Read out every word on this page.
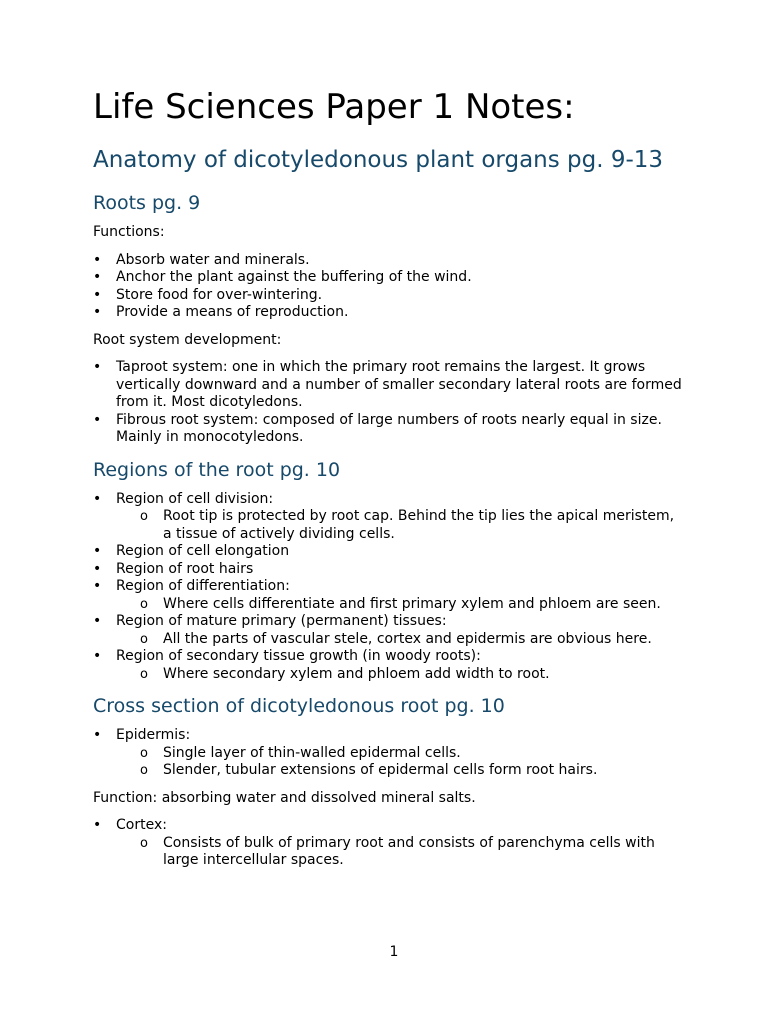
Life Sciences Paper 1 Notes:
Anatomy of dicotyledonous plant organs pg. 9-13
Roots pg. 9

Functions:

• Absorb water and minerals.
• Anchor the plant against the buffering of the wind.
• Store food for over-wintering.
• Provide a means of reproduction.

Root system development:

• Taproot system: one in which the primary root remains the largest. It grows vertically downward and a number of smaller secondary lateral roots are formed from it. Most dicotyledons.
• Fibrous root system: composed of large numbers of roots nearly equal in size. Mainly in monocotyledons.
Regions of the root pg. 10
• Region of cell division:
o Root tip is protected by root cap. Behind the tip lies the apical meristem, a tissue of actively dividing cells.
• Region of cell elongation
• Region of root hairs
• Region of differentiation:
o Where cells differentiate and first primary xylem and phloem are seen.
• Region of mature primary (permanent) tissues:
o All the parts of vascular stele, cortex and epidermis are obvious here.
• Region of secondary tissue growth (in woody roots):
o Where secondary xylem and phloem add width to root.
Cross section of dicotyledonous root pg. 10
• Epidermis:
o Single layer of thin-walled epidermal cells.
o Slender, tubular extensions of epidermal cells form root hairs.

Function: absorbing water and dissolved mineral salts.

• Cortex:
o Consists of bulk of primary root and consists of parenchyma cells with large intercellular spaces.
1
